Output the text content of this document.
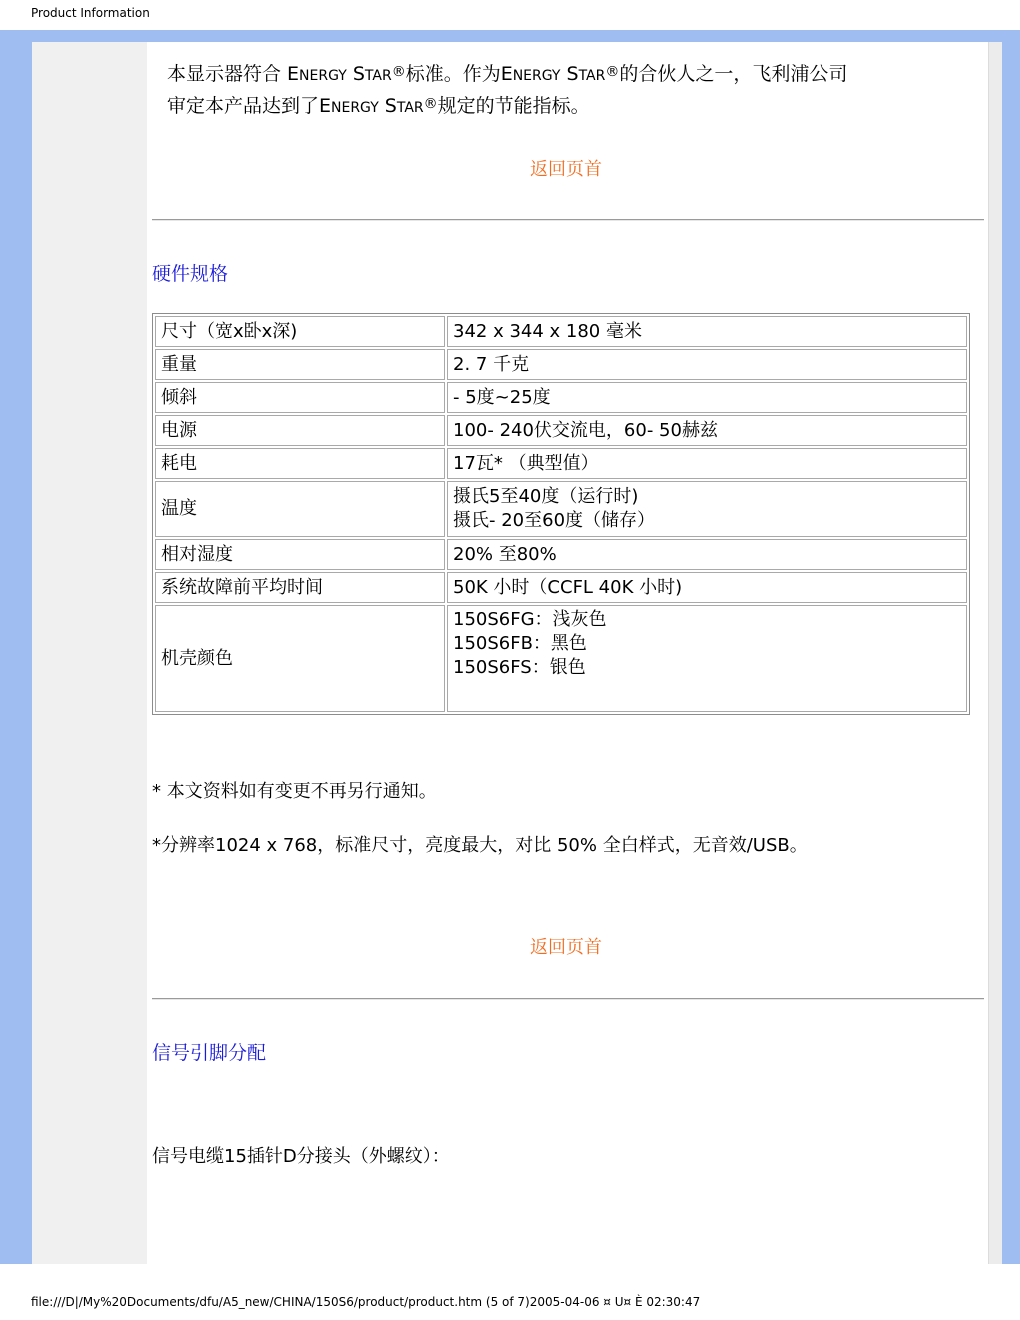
Product Information
本显示器符合 ENERGY STAR®标准。作为ENERGY STAR®的合伙人之一，飞利浦公司
审定本产品达到了ENERGY STAR®规定的节能指标。
返回页首
硬件规格
尺寸（宽x卧x深)	342 x 344 x 180 毫米

重量	2. 7 千克

倾斜	- 5度~25度

电源	100- 240伏交流电，60- 50赫兹

耗电	17瓦* （典型值）

温度	摄氏5至40度（运行时)
摄氏- 20至60度（储存）

相对湿度	20% 至80%

系统故障前平均时间	50K 小时（CCFL 40K 小时)

机壳颜色	150S6FG：浅灰色
150S6FB：黑色
150S6FS：银色
* 本文资料如有变更不再另行通知。
*分辨率1024 x 768，标准尺寸，亮度最大，对比 50% 全白样式，无音效/USB。
返回页首
信号引脚分配
信号电缆15插针D分接头（外螺纹）：
file:///D|/My%20Documents/dfu/A5_new/CHINA/150S6/product/product.htm (5 of 7)2005-04-06 ¤ U¤ È 02:30:47
